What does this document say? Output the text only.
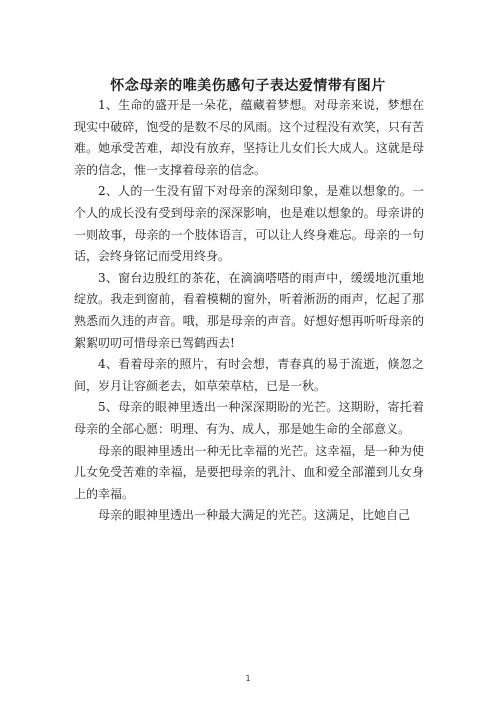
怀念母亲的唯美伤感句子表达爱情带有图片

1、生命的盛开是一朵花，蕴藏着梦想。对母亲来说，梦想在现实中破碎，饱受的是数不尽的风雨。这个过程没有欢笑，只有苦难。她承受苦难，却没有放弃，坚持让儿女们长大成人。这就是母亲的信念，惟一支撑着母亲的信念。

2、人的一生没有留下对母亲的深刻印象，是难以想象的。一个人的成长没有受到母亲的深深影响，也是难以想象的。母亲讲的一则故事，母亲的一个肢体语言，可以让人终身难忘。母亲的一句话，会终身铭记而受用终身。

3、窗台边殷红的茶花，在滴滴嗒嗒的雨声中，缓缓地沉重地绽放。我走到窗前，看着模糊的窗外，听着淅沥的雨声，忆起了那熟悉而久违的声音。哦，那是母亲的声音。好想好想再听听母亲的絮絮叨叨可惜母亲已驾鹤西去!

4、看着母亲的照片，有时会想，青春真的易于流逝，倏忽之间，岁月让容颜老去，如草荣草枯，已是一秋。

5、母亲的眼神里透出一种深深期盼的光芒。这期盼，寄托着母亲的全部心愿：明理、有为、成人，那是她生命的全部意义。

母亲的眼神里透出一种无比幸福的光芒。这幸福，是一种为使儿女免受苦难的幸福，是要把母亲的乳汁、血和爱全部灌到儿女身上的幸福。

母亲的眼神里透出一种最大满足的光芒。这满足，比她自己

1
